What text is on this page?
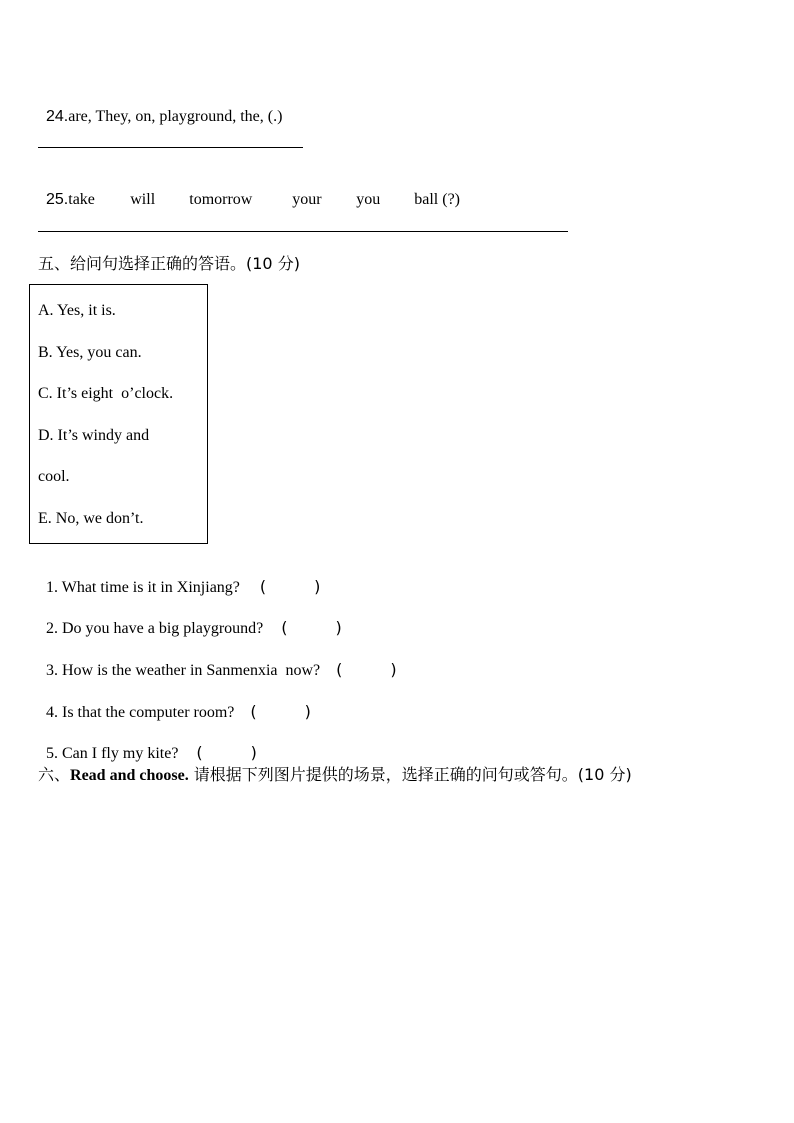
24.are, They, on, playground, the, (.)

25.take will tomorrow your you ball (?)

五、给问句选择正确的答语。(10 分)
A. Yes, it is.
B. Yes, you can.
C. It’s eight  o’clock.
D. It’s windy and
cool.
E. No, we don’t.

1. What time is it in Xinjiang? (	)

2. Do you have a big playground? (	)

3. How is the weather in Sanmenxia  now? (	)

4. Is that the computer room? (	)

5. Can I fly my kite? (	)

六、Read and choose. 请根据下列图片提供的场景，选择正确的问句或答句。(10 分)
